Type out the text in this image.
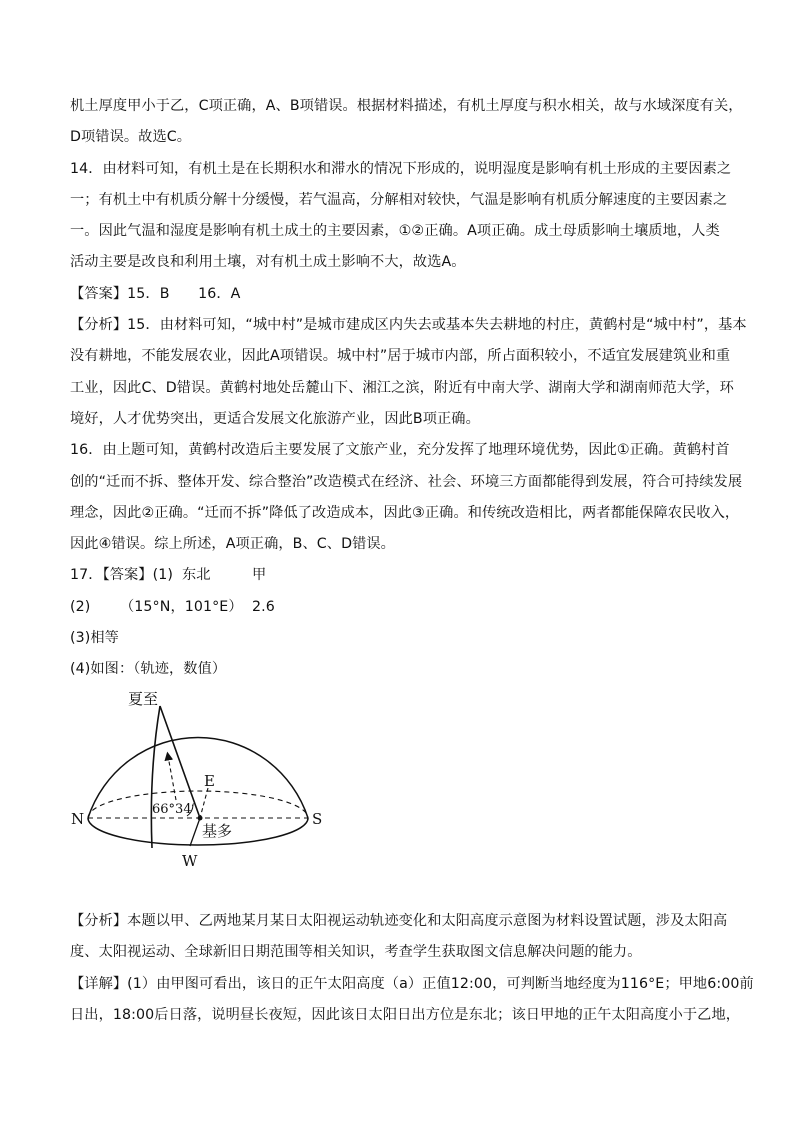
机土厚度甲小于乙，C项正确，A、B项错误。根据材料描述，有机土厚度与积水相关，故与水域深度有关，
D项错误。故选C。
14．由材料可知，有机土是在长期积水和滞水的情况下形成的，说明湿度是影响有机土形成的主要因素之
一；有机土中有机质分解十分缓慢，若气温高，分解相对较快，气温是影响有机质分解速度的主要因素之
一。因此气温和湿度是影响有机土成土的主要因素，①②正确。A项正确。成土母质影响土壤质地，人类
活动主要是改良和利用土壤，对有机土成土影响不大，故选A。
【答案】15．B　　16．A
【分析】15．由材料可知，“城中村”是城市建成区内失去或基本失去耕地的村庄，黄鹤村是“城中村”，基本
没有耕地，不能发展农业，因此A项错误。城中村”居于城市内部，所占面积较小，不适宜发展建筑业和重
工业，因此C、D错误。黄鹤村地处岳麓山下、湘江之滨，附近有中南大学、湖南大学和湖南师范大学，环
境好，人才优势突出，更适合发展文化旅游产业，因此B项正确。
16．由上题可知，黄鹤村改造后主要发展了文旅产业，充分发挥了地理环境优势，因此①正确。黄鹤村首
创的“迁而不拆、整体开发、综合整治”改造模式在经济、社会、环境三方面都能得到发展，符合可持续发展
理念，因此②正确。“迁而不拆”降低了改造成本，因此③正确。和传统改造相比，两者都能保障农民收入，
因此④错误。综上所述，A项正确，B、C、D错误。
17．【答案】(1) 东北	甲
(2) （15°N，101°E） 2.6
(3)相等
(4)如图：（轨迹，数值）
夏至
E
N	S
W
66°34′
基多
【分析】本题以甲、乙两地某月某日太阳视运动轨迹变化和太阳高度示意图为材料设置试题，涉及太阳高
度、太阳视运动、全球新旧日期范围等相关知识，考查学生获取图文信息解决问题的能力。
【详解】(1）由甲图可看出，该日的正午太阳高度（a）正值12:00，可判断当地经度为116°E；甲地6:00前
日出，18:00后日落，说明昼长夜短，因此该日太阳日出方位是东北；该日甲地的正午太阳高度小于乙地，
